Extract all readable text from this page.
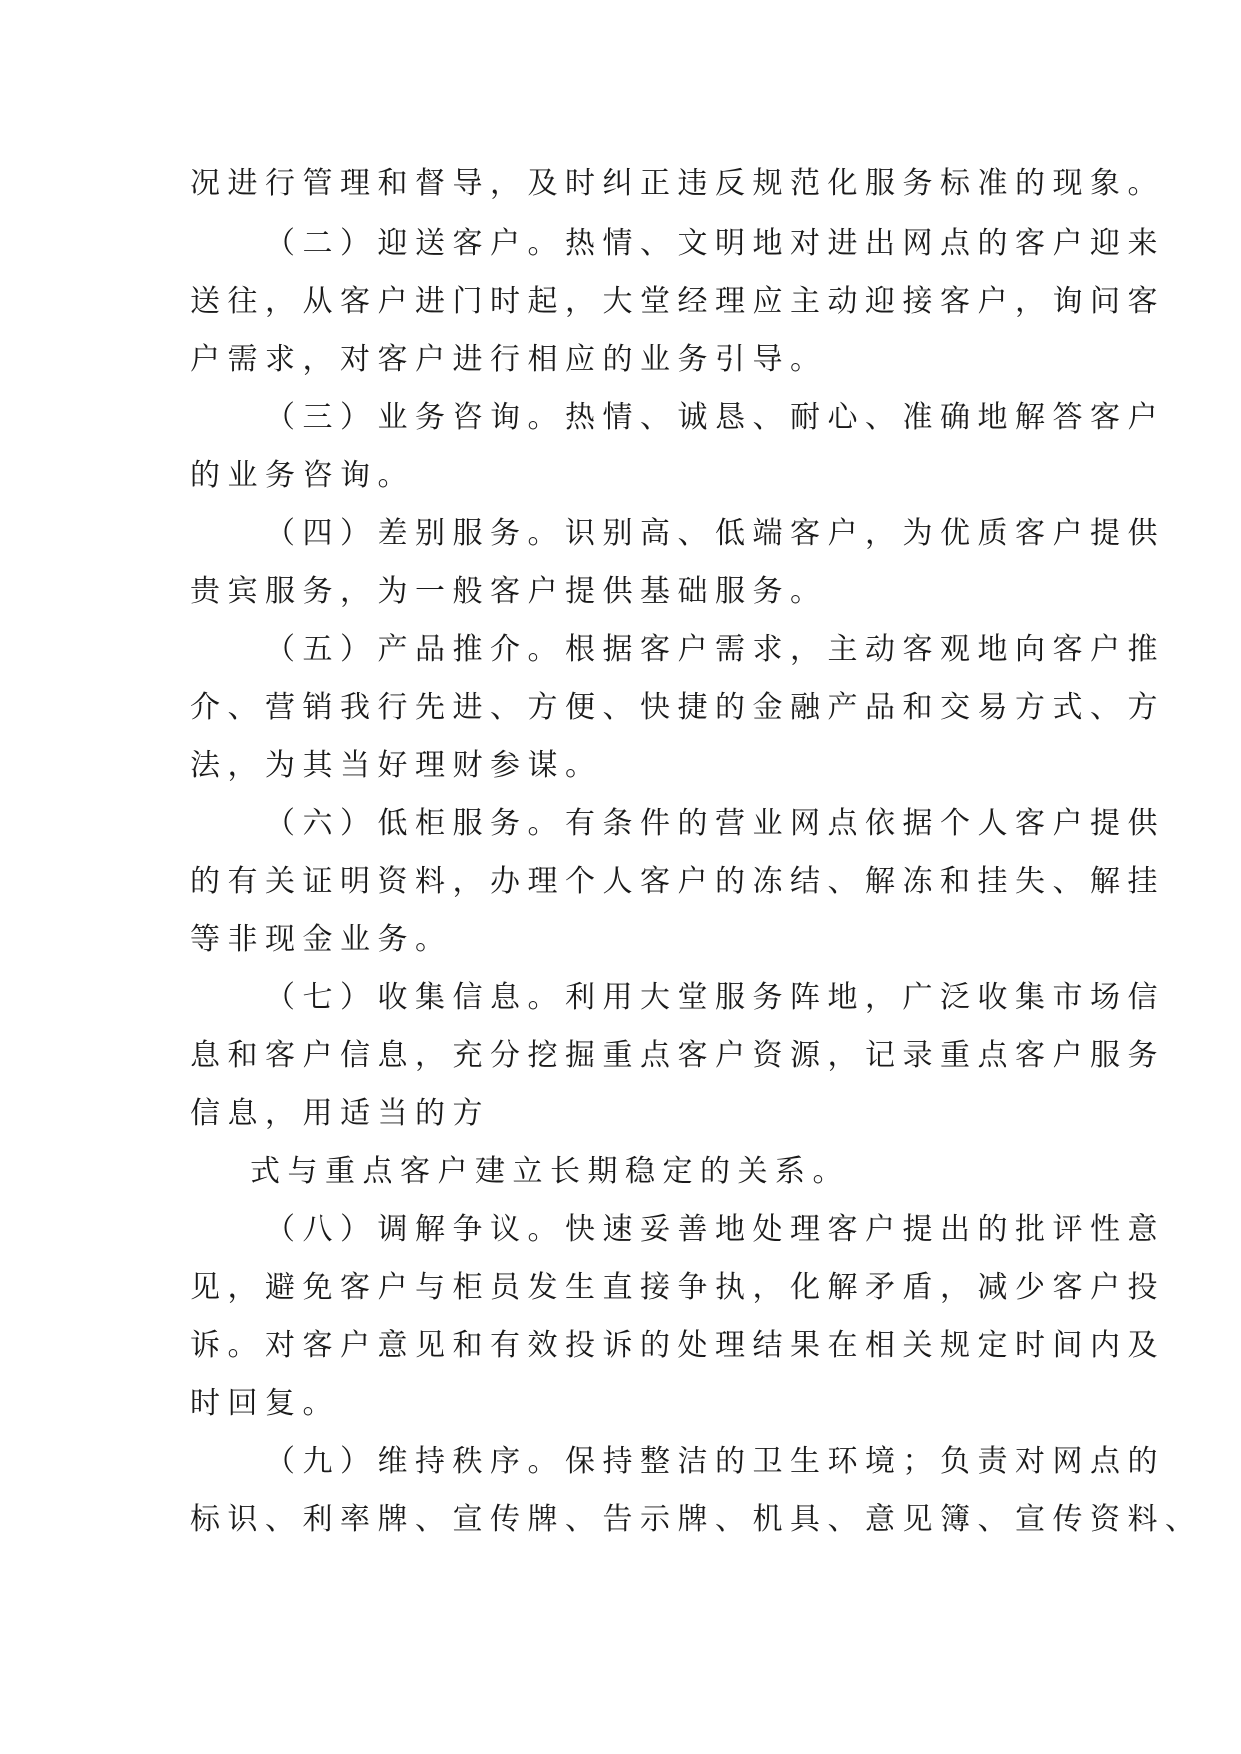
况进行管理和督导，及时纠正违反规范化服务标准的现象。
（二）迎送客户。热情、文明地对进出网点的客户迎来
送往，从客户进门时起，大堂经理应主动迎接客户，询问客
户需求，对客户进行相应的业务引导。
（三）业务咨询。热情、诚恳、耐心、准确地解答客户
的业务咨询。
（四）差别服务。识别高、低端客户，为优质客户提供
贵宾服务，为一般客户提供基础服务。
（五）产品推介。根据客户需求，主动客观地向客户推
介、营销我行先进、方便、快捷的金融产品和交易方式、方
法，为其当好理财参谋。
（六）低柜服务。有条件的营业网点依据个人客户提供
的有关证明资料，办理个人客户的冻结、解冻和挂失、解挂
等非现金业务。
（七）收集信息。利用大堂服务阵地，广泛收集市场信
息和客户信息，充分挖掘重点客户资源，记录重点客户服务
信息，用适当的方
式与重点客户建立长期稳定的关系。
（八）调解争议。快速妥善地处理客户提出的批评性意
见，避免客户与柜员发生直接争执，化解矛盾，减少客户投
诉。对客户意见和有效投诉的处理结果在相关规定时间内及
时回复。
（九）维持秩序。保持整洁的卫生环境；负责对网点的
标识、利率牌、宣传牌、告示牌、机具、意见簿、宣传资料、
